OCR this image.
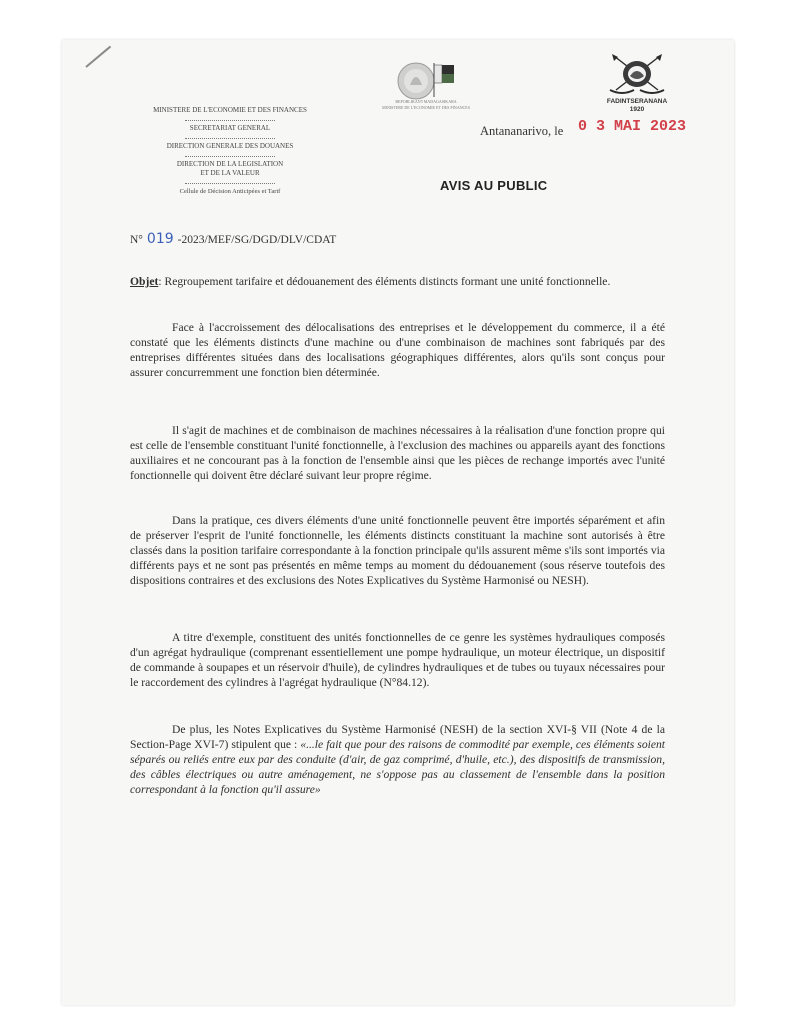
MINISTERE DE L'ECONOMIE ET DES FINANCES
SECRETARIAT GENERAL
DIRECTION GENERALE DES DOUANES
DIRECTION DE LA LEGISLATION
ET DE LA VALEUR
Cellule de Décision Anticipées et Tarif
REPOBLIKAN'I MADAGASIKARA
MINISTERE DE L'ECONOMIE ET DES FINANCES
FADINTSERANANA
1920
Antananarivo, le 0 3 MAI 2023
AVIS AU PUBLIC
N° 019 -2023/MEF/SG/DGD/DLV/CDAT
Objet: Regroupement tarifaire et dédouanement des éléments distincts formant une unité fonctionnelle.
Face à l'accroissement des délocalisations des entreprises et le développement du commerce, il a été constaté que les éléments distincts d'une machine ou d'une combinaison de machines sont fabriqués par des entreprises différentes situées dans des localisations géographiques différentes, alors qu'ils sont conçus pour assurer concurremment une fonction bien déterminée.
Il s'agit de machines et de combinaison de machines nécessaires à la réalisation d'une fonction propre qui est celle de l'ensemble constituant l'unité fonctionnelle, à l'exclusion des machines ou appareils ayant des fonctions auxiliaires et ne concourant pas à la fonction de l'ensemble ainsi que les pièces de rechange importés avec l'unité fonctionnelle qui doivent être déclaré suivant leur propre régime.
Dans la pratique, ces divers éléments d'une unité fonctionnelle peuvent être importés séparément et afin de préserver l'esprit de l'unité fonctionnelle, les éléments distincts constituant la machine sont autorisés à être classés dans la position tarifaire correspondante à la fonction principale qu'ils assurent même s'ils sont importés via différents pays et ne sont pas présentés en même temps au moment du dédouanement (sous réserve toutefois des dispositions contraires et des exclusions des Notes Explicatives du Système Harmonisé ou NESH).
A titre d'exemple, constituent des unités fonctionnelles de ce genre les systèmes hydrauliques composés d'un agrégat hydraulique (comprenant essentiellement une pompe hydraulique, un moteur électrique, un dispositif de commande à soupapes et un réservoir d'huile), de cylindres hydrauliques et de tubes ou tuyaux nécessaires pour le raccordement des cylindres à l'agrégat hydraulique (N°84.12).
De plus, les Notes Explicatives du Système Harmonisé (NESH) de la section XVI-§ VII (Note 4 de la Section-Page XVI-7) stipulent que : «...le fait que pour des raisons de commodité par exemple, ces éléments soient séparés ou reliés entre eux par des conduite (d'air, de gaz comprimé, d'huile, etc.), des dispositifs de transmission, des câbles électriques ou autre aménagement, ne s'oppose pas au classement de l'ensemble dans la position correspondant à la fonction qu'il assure»
